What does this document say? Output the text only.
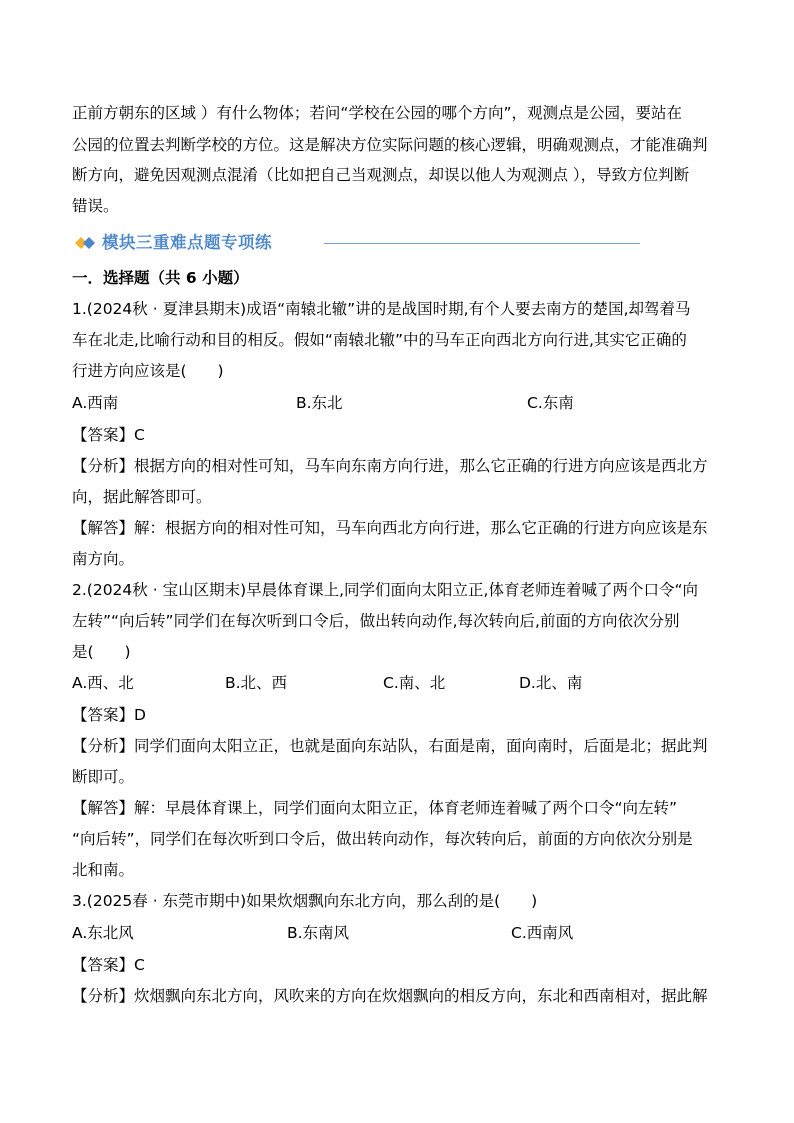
正前方朝东的区域 ）有什么物体；若问“学校在公园的哪个方向”，观测点是公园，要站在
公园的位置去判断学校的方位。这是解决方位实际问题的核心逻辑，明确观测点，才能准确判
断方向，避免因观测点混淆（比如把自己当观测点，却误以他人为观测点 ），导致方位判断
错误。
模块三重难点题专项练
一．选择题（共 6 小题）
1.(2024秋 · 夏津县期末)成语“南辕北辙”讲的是战国时期,有个人要去南方的楚国,却驾着马
车在北走,比喻行动和目的相反。假如“南辕北辙”中的马车正向西北方向行进,其实它正确的
行进方向应该是(　　)
A.西南	B.东北	C.东南
【答案】C
【分析】根据方向的相对性可知，马车向东南方向行进，那么它正确的行进方向应该是西北方
向，据此解答即可。
【解答】解：根据方向的相对性可知，马车向西北方向行进，那么它正确的行进方向应该是东
南方向。
2.(2024秋 · 宝山区期末)早晨体育课上,同学们面向太阳立正,体育老师连着喊了两个口令“向
左转”“向后转”同学们在每次听到口令后，做出转向动作,每次转向后,前面的方向依次分别
是(　　)
A.西、北	B.北、西	C.南、北	D.北、南
【答案】D
【分析】同学们面向太阳立正，也就是面向东站队，右面是南，面向南时，后面是北；据此判
断即可。
【解答】解：早晨体育课上，同学们面向太阳立正，体育老师连着喊了两个口令“向左转”
“向后转”，同学们在每次听到口令后，做出转向动作，每次转向后，前面的方向依次分别是
北和南。
3.(2025春 · 东莞市期中)如果炊烟飘向东北方向，那么刮的是(　　)
A.东北风	B.东南风	C.西南风
【答案】C
【分析】炊烟飘向东北方向，风吹来的方向在炊烟飘向的相反方向，东北和西南相对，据此解
